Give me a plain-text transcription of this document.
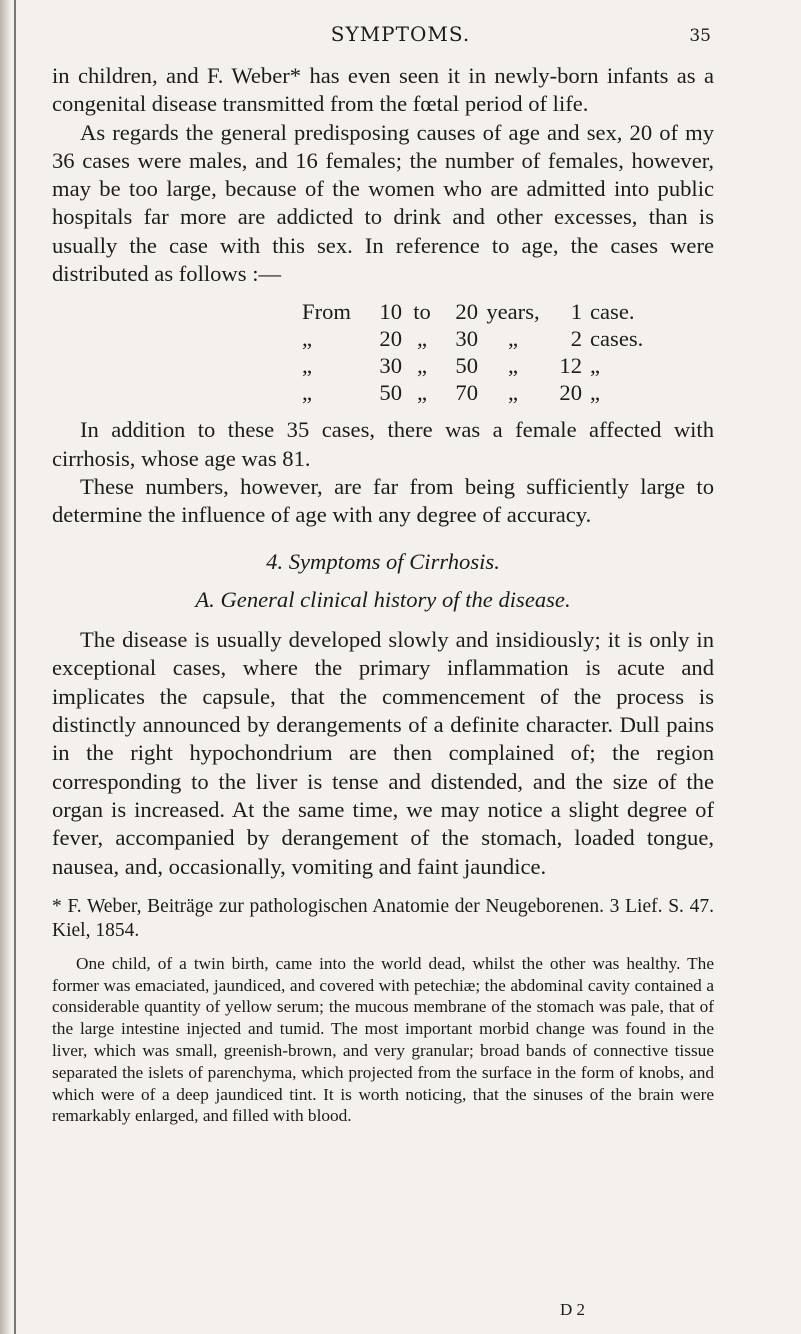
SYMPTOMS.	35

in children, and F. Weber* has even seen it in newly-born infants as a congenital disease transmitted from the fœtal period of life.

As regards the general predisposing causes of age and sex, 20 of my 36 cases were males, and 16 females; the number of females, however, may be too large, because of the women who are admitted into public hospitals far more are addicted to drink and other excesses, than is usually the case with this sex. In reference to age, the cases were distributed as follows :—

From	10 to	20 years,	1 case.
„	20 „	30	„	2 cases.
„	30 „	50	„	12 „
„	50 „	70	„	20 „

In addition to these 35 cases, there was a female affected with cirrhosis, whose age was 81.

These numbers, however, are far from being sufficiently large to determine the influence of age with any degree of accuracy.

4. Symptoms of Cirrhosis.
A. General clinical history of the disease.

The disease is usually developed slowly and insidiously; it is only in exceptional cases, where the primary inflammation is acute and implicates the capsule, that the commencement of the process is distinctly announced by derangements of a definite character. Dull pains in the right hypochondrium are then complained of; the region corresponding to the liver is tense and distended, and the size of the organ is increased. At the same time, we may notice a slight degree of fever, accompanied by derangement of the stomach, loaded tongue, nausea, and, occasionally, vomiting and faint jaundice.

* F. Weber, Beiträge zur pathologischen Anatomie der Neugeborenen. 3 Lief. S. 47. Kiel, 1854.
One child, of a twin birth, came into the world dead, whilst the other was healthy. The former was emaciated, jaundiced, and covered with petechiæ; the abdominal cavity contained a considerable quantity of yellow serum; the mucous membrane of the stomach was pale, that of the large intestine injected and tumid. The most important morbid change was found in the liver, which was small, greenish-brown, and very granular; broad bands of connective tissue separated the islets of parenchyma, which projected from the surface in the form of knobs, and which were of a deep jaundiced tint. It is worth noticing, that the sinuses of the brain were remarkably enlarged, and filled with blood.
D 2
